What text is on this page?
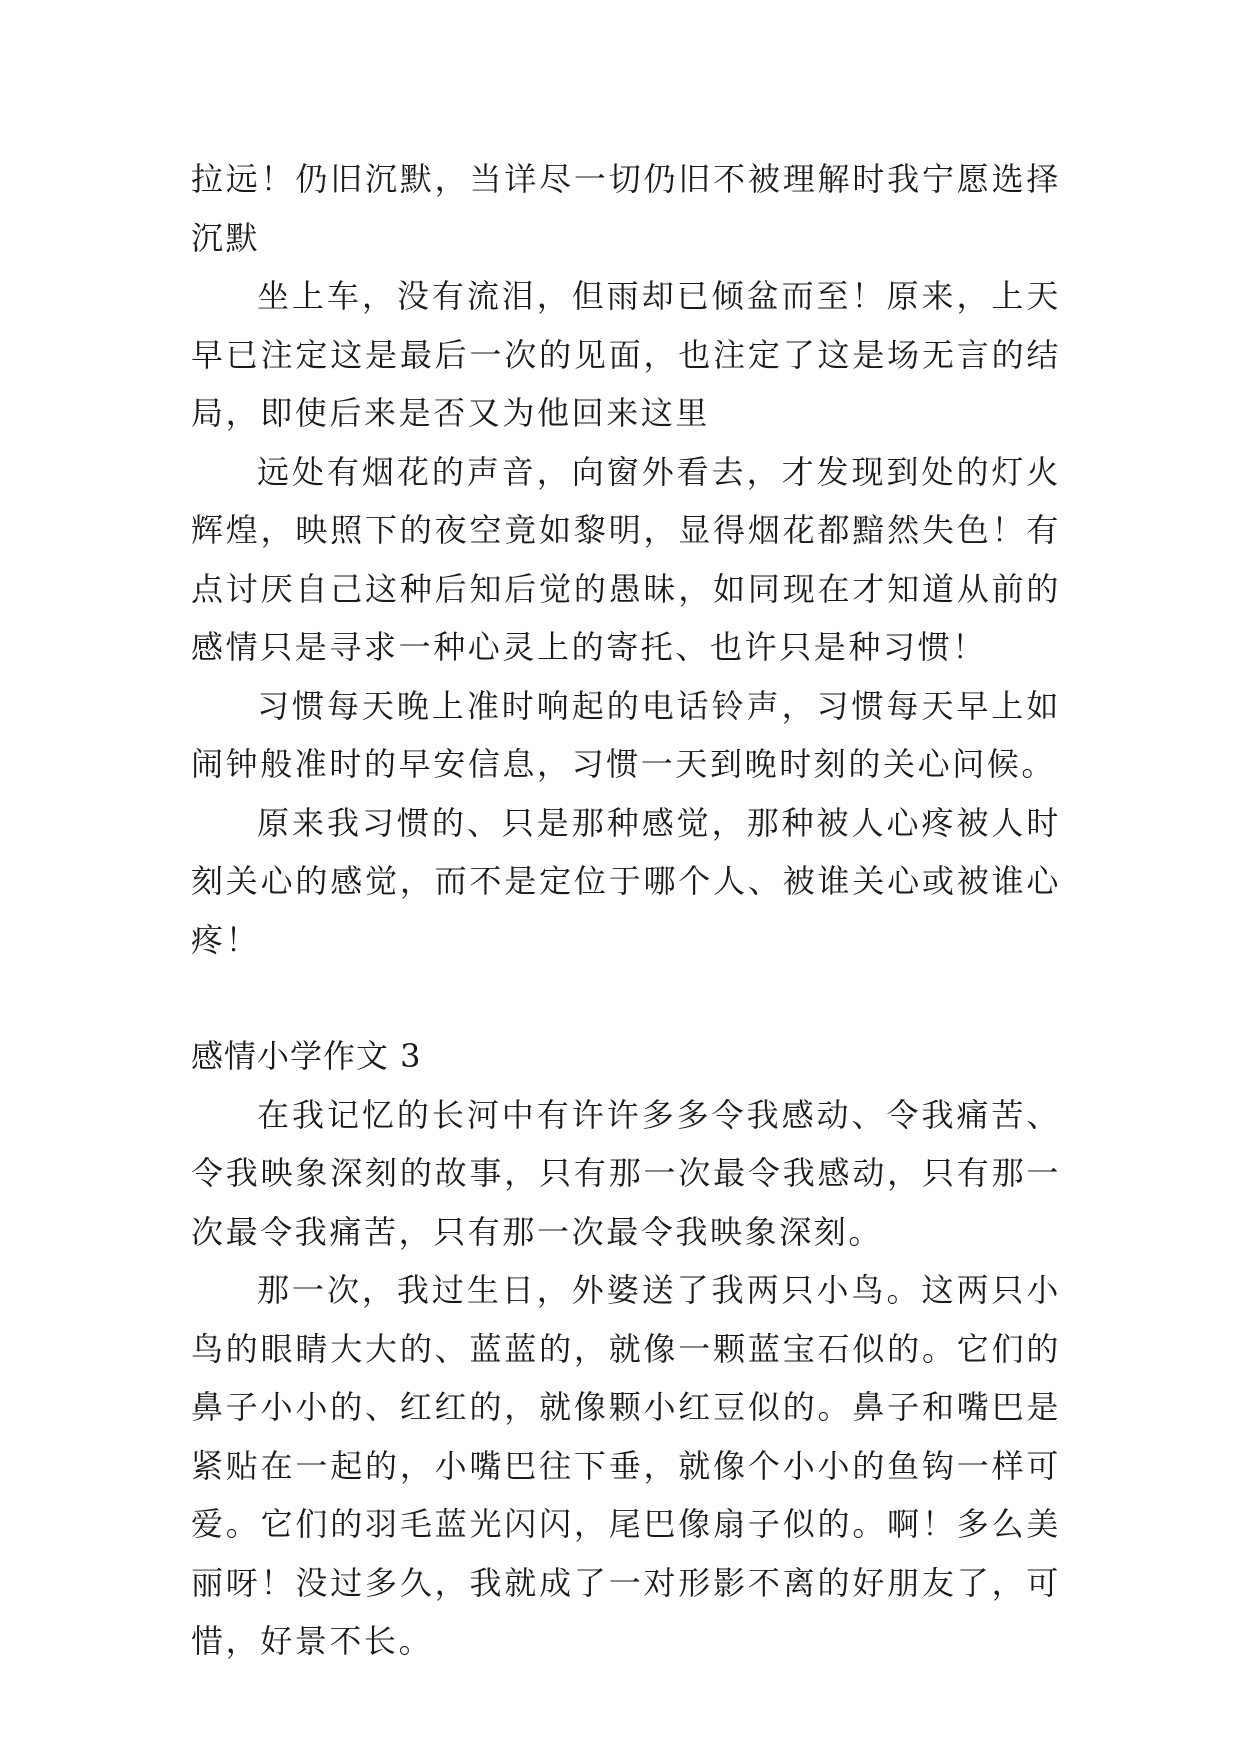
拉远！仍旧沉默，当详尽一切仍旧不被理解时我宁愿选择沉默

坐上车，没有流泪，但雨却已倾盆而至！原来，上天早已注定这是最后一次的见面，也注定了这是场无言的结局，即使后来是否又为他回来这里

远处有烟花的声音，向窗外看去，才发现到处的灯火辉煌，映照下的夜空竟如黎明，显得烟花都黯然失色！有点讨厌自己这种后知后觉的愚昧，如同现在才知道从前的感情只是寻求一种心灵上的寄托、也许只是种习惯！

习惯每天晚上准时响起的电话铃声，习惯每天早上如闹钟般准时的早安信息，习惯一天到晚时刻的关心问候。

原来我习惯的、只是那种感觉，那种被人心疼被人时刻关心的感觉，而不是定位于哪个人、被谁关心或被谁心疼！

感情小学作文 3

在我记忆的长河中有许许多多令我感动、令我痛苦、令我映象深刻的故事，只有那一次最令我感动，只有那一次最令我痛苦，只有那一次最令我映象深刻。

那一次，我过生日，外婆送了我两只小鸟。这两只小鸟的眼睛大大的、蓝蓝的，就像一颗蓝宝石似的。它们的鼻子小小的、红红的，就像颗小红豆似的。鼻子和嘴巴是紧贴在一起的，小嘴巴往下垂，就像个小小的鱼钩一样可爱。它们的羽毛蓝光闪闪，尾巴像扇子似的。啊！多么美丽呀！没过多久，我就成了一对形影不离的好朋友了，可惜，好景不长。
